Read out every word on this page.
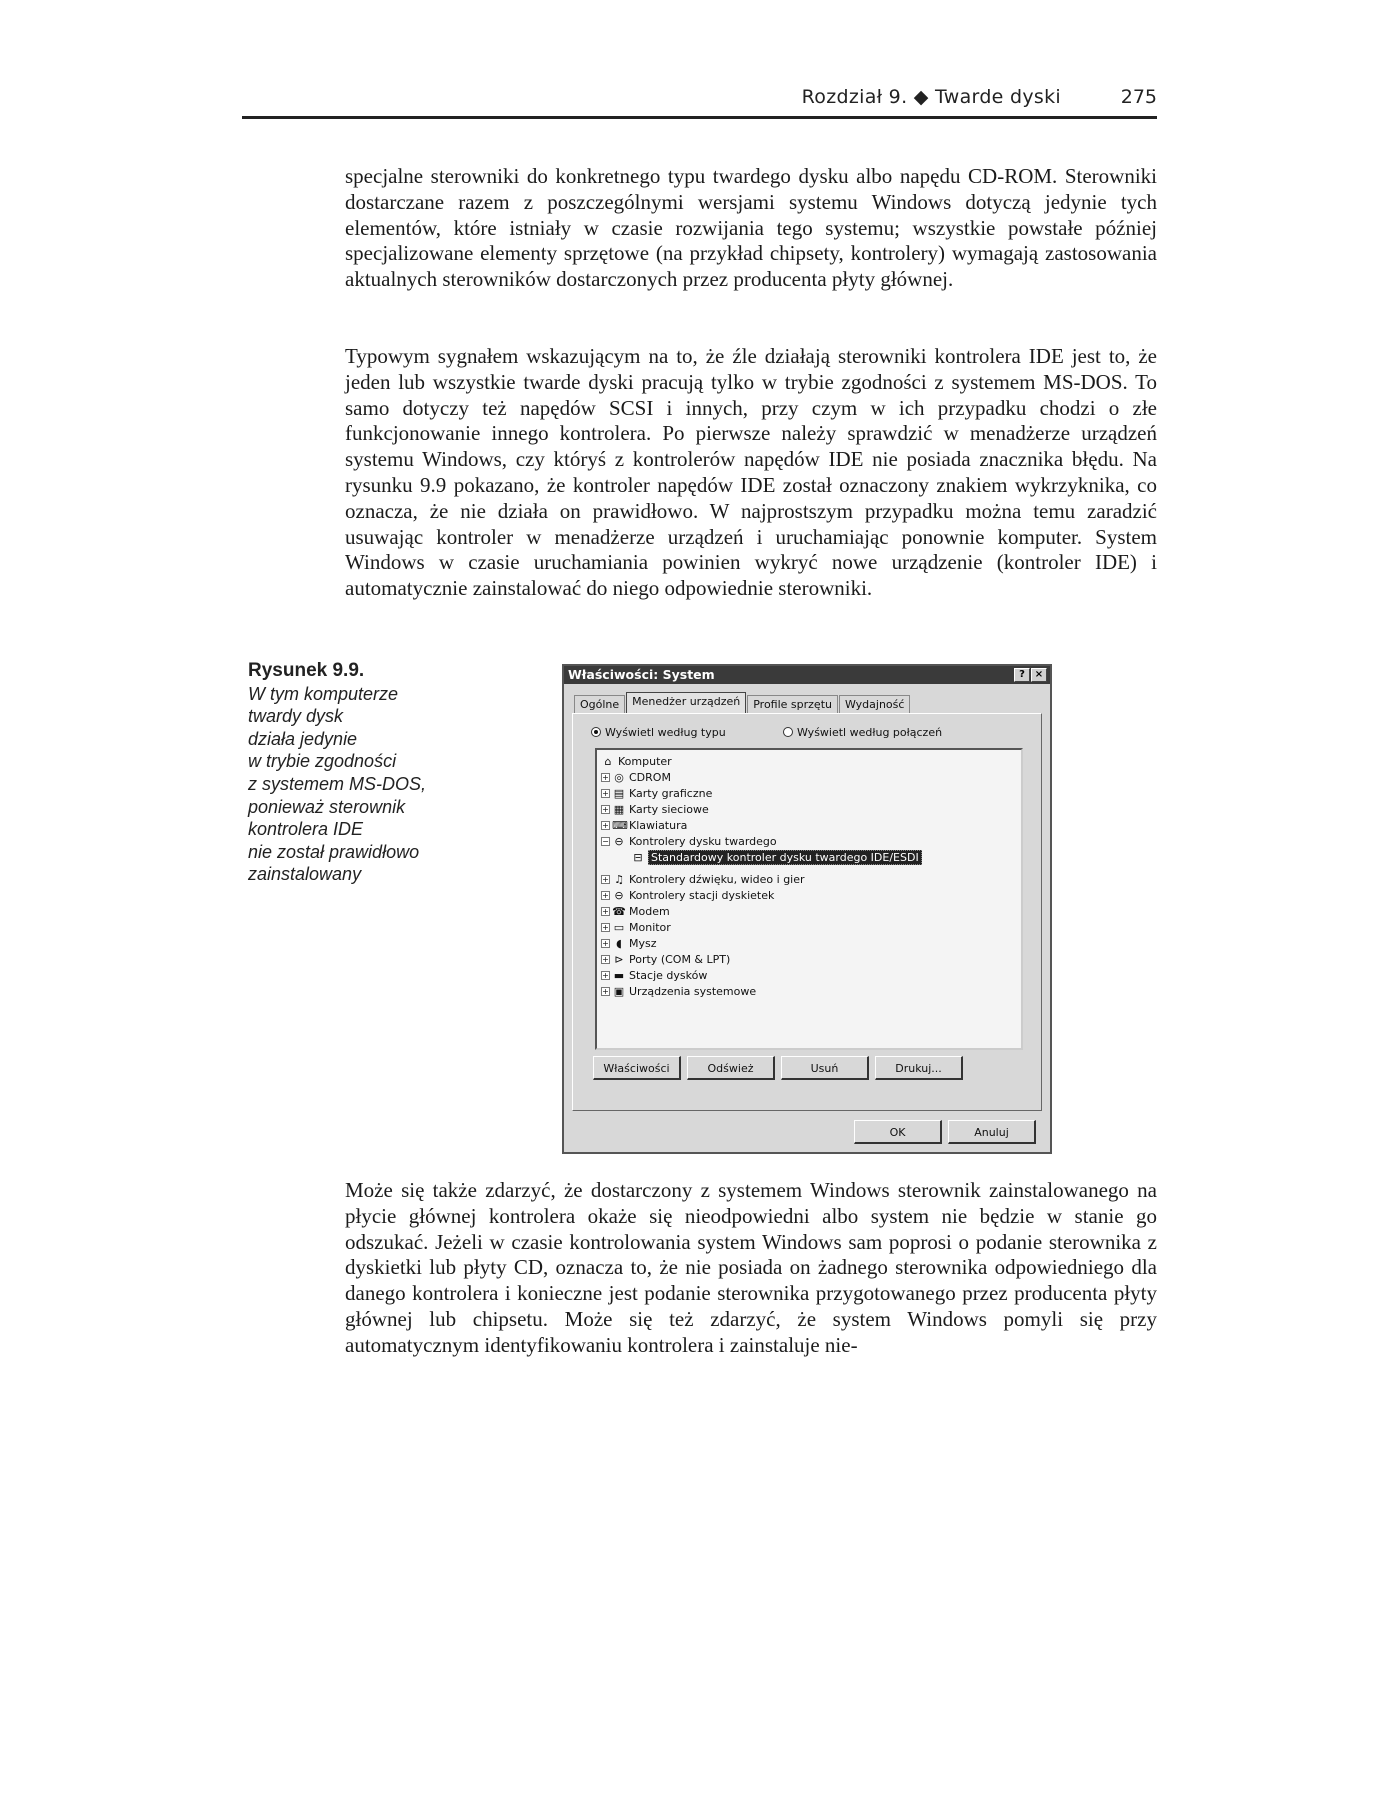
Rozdział 9. ◆ Twarde dyski	275

specjalne sterowniki do konkretnego typu twardego dysku albo napędu CD-ROM. Sterowniki dostarczane razem z poszczególnymi wersjami systemu Windows dotyczą jedynie tych elementów, które istniały w czasie rozwijania tego systemu; wszystkie powstałe później specjalizowane elementy sprzętowe (na przykład chipsety, kontrolery) wymagają zastosowania aktualnych sterowników dostarczonych przez producenta płyty głównej.

Typowym sygnałem wskazującym na to, że źle działają sterowniki kontrolera IDE jest to, że jeden lub wszystkie twarde dyski pracują tylko w trybie zgodności z systemem MS-DOS. To samo dotyczy też napędów SCSI i innych, przy czym w ich przypadku chodzi o złe funkcjonowanie innego kontrolera. Po pierwsze należy sprawdzić w menadżerze urządzeń systemu Windows, czy któryś z kontrolerów napędów IDE nie posiada znacznika błędu. Na rysunku 9.9 pokazano, że kontroler napędów IDE został oznaczony znakiem wykrzyknika, co oznacza, że nie działa on prawidłowo. W najprostszym przypadku można temu zaradzić usuwając kontroler w menadżerze urządzeń i uruchamiając ponownie komputer. System Windows w czasie uruchamiania powinien wykryć nowe urządzenie (kontroler IDE) i automatycznie zainstalować do niego odpowiednie sterowniki.

Rysunek 9.9.
W tym komputerze
twardy dysk
działa jedynie
w trybie zgodności
z systemem MS-DOS,
ponieważ sterownik
kontrolera IDE
nie został prawidłowo
zainstalowany
Właściwości: System	? ×
Ogólne	Menedżer urządzeń	Profile sprzętu	Wydajność
Wyświetl według typu	Wyświetl według połączeń
⌂ Komputer
+ ◎ CDROM
+ ▤ Karty graficzne
+ ▦ Karty sieciowe
+ ⌨Klawiatura
− ⊖ Kontrolery dysku twardego
⊟ Standardowy kontroler dysku twardego IDE/ESDI
+ ♫ Kontrolery dźwięku, wideo i gier
+ ⊖ Kontrolery stacji dyskietek
+ ☎ Modem
+ ▭ Monitor
+ ◖ Mysz
+ ⊳ Porty (COM & LPT)
+ ▬ Stacje dysków
+ ▣ Urządzenia systemowe
Właściwości	Odśwież	Usuń	Drukuj...
OK	Anuluj

Może się także zdarzyć, że dostarczony z systemem Windows sterownik zainstalowanego na płycie głównej kontrolera okaże się nieodpowiedni albo system nie będzie w stanie go odszukać. Jeżeli w czasie kontrolowania system Windows sam poprosi o podanie sterownika z dyskietki lub płyty CD, oznacza to, że nie posiada on żadnego sterownika odpowiedniego dla danego kontrolera i konieczne jest podanie sterownika przygotowanego przez producenta płyty głównej lub chipsetu. Może się też zdarzyć, że system Windows pomyli się przy automatycznym identyfikowaniu kontrolera i zainstaluje nie-
